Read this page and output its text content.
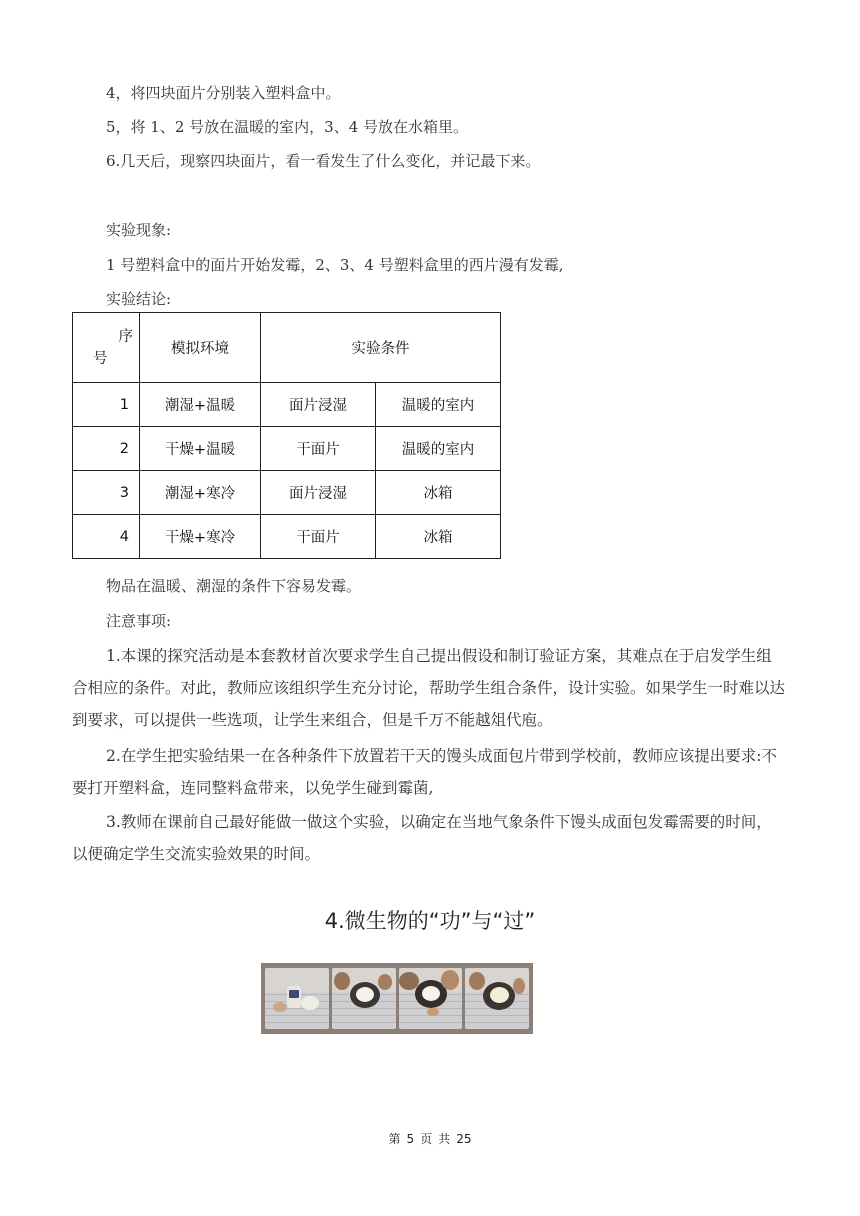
4，将四块面片分别装入塑料盒中。
5，将 1、2 号放在温暖的室内，3、4 号放在水箱里。
6.几天后，现察四块面片，看一看发生了什么变化，并记最下来。
实验现象:
1 号塑料盒中的面片开始发霉，2、3、4 号塑料盒里的西片漫有发霉,
实验结论:
序
号	模拟环境	实验条件	
1	潮湿+温暖	面片浸湿	温暖的室内
2	干燥+温暖	干面片	温暖的室内
3	潮湿+寒冷	面片浸湿	冰箱
4	干燥+寒冷	干面片	冰箱
物品在温暖、潮湿的条件下容易发霉。
注意事项:
1.本课的探究活动是本套教材首次要求学生自己提出假设和制订验证方案，其难点在于启发学生组合相应的条件。对此，教师应该组织学生充分讨论，帮助学生组合条件，设计实验。如果学生一时难以达到要求，可以提供一些选项，让学生来组合，但是千万不能越俎代庖。
2.在学生把实验结果一在各种条件下放置若干天的馒头成面包片带到学校前，教师应该提出要求:不要打开塑料盒，连同整料盒带来，以免学生碰到霉菌,
3.教师在课前自己最好能做一做这个实验，以确定在当地气象条件下馒头成面包发霉需要的时间，以便确定学生交流实验效果的时间。
4.微生物的“功”与“过”
第 5 页 共 25
